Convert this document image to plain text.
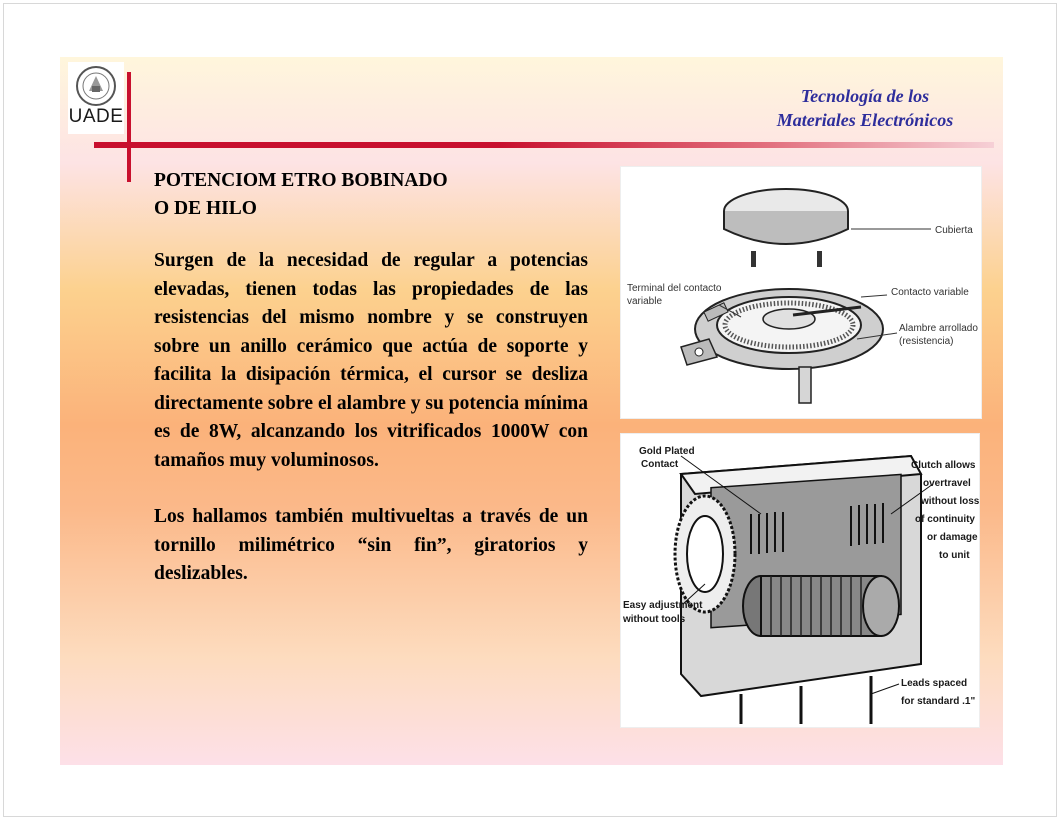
UADE
Tecnología de los
Materiales Electrónicos
POTENCIOM ETRO BOBINADO
O DE HILO

Surgen de la necesidad de regular a potencias elevadas, tienen todas las propiedades de las resistencias del mismo nombre y se construyen sobre un anillo cerámico que actúa de soporte y facilita la disipación térmica, el cursor se desliza directamente sobre el alambre y su potencia mínima es de 8W, alcanzando los vitrificados 1000W con tamaños muy voluminosos.

Los hallamos también multivueltas a través de un tornillo milimétrico “sin fin”, giratorios y deslizables.

Cubierta
Terminal del contacto
variable
Contacto variable
Alambre arrollado
(resistencia)
Gold Plated
Contact	Clutch allows
overtravel
without loss
of continuity
or damage
to unit
Easy adjustment
without tools
Leads spaced
for standard .1"
